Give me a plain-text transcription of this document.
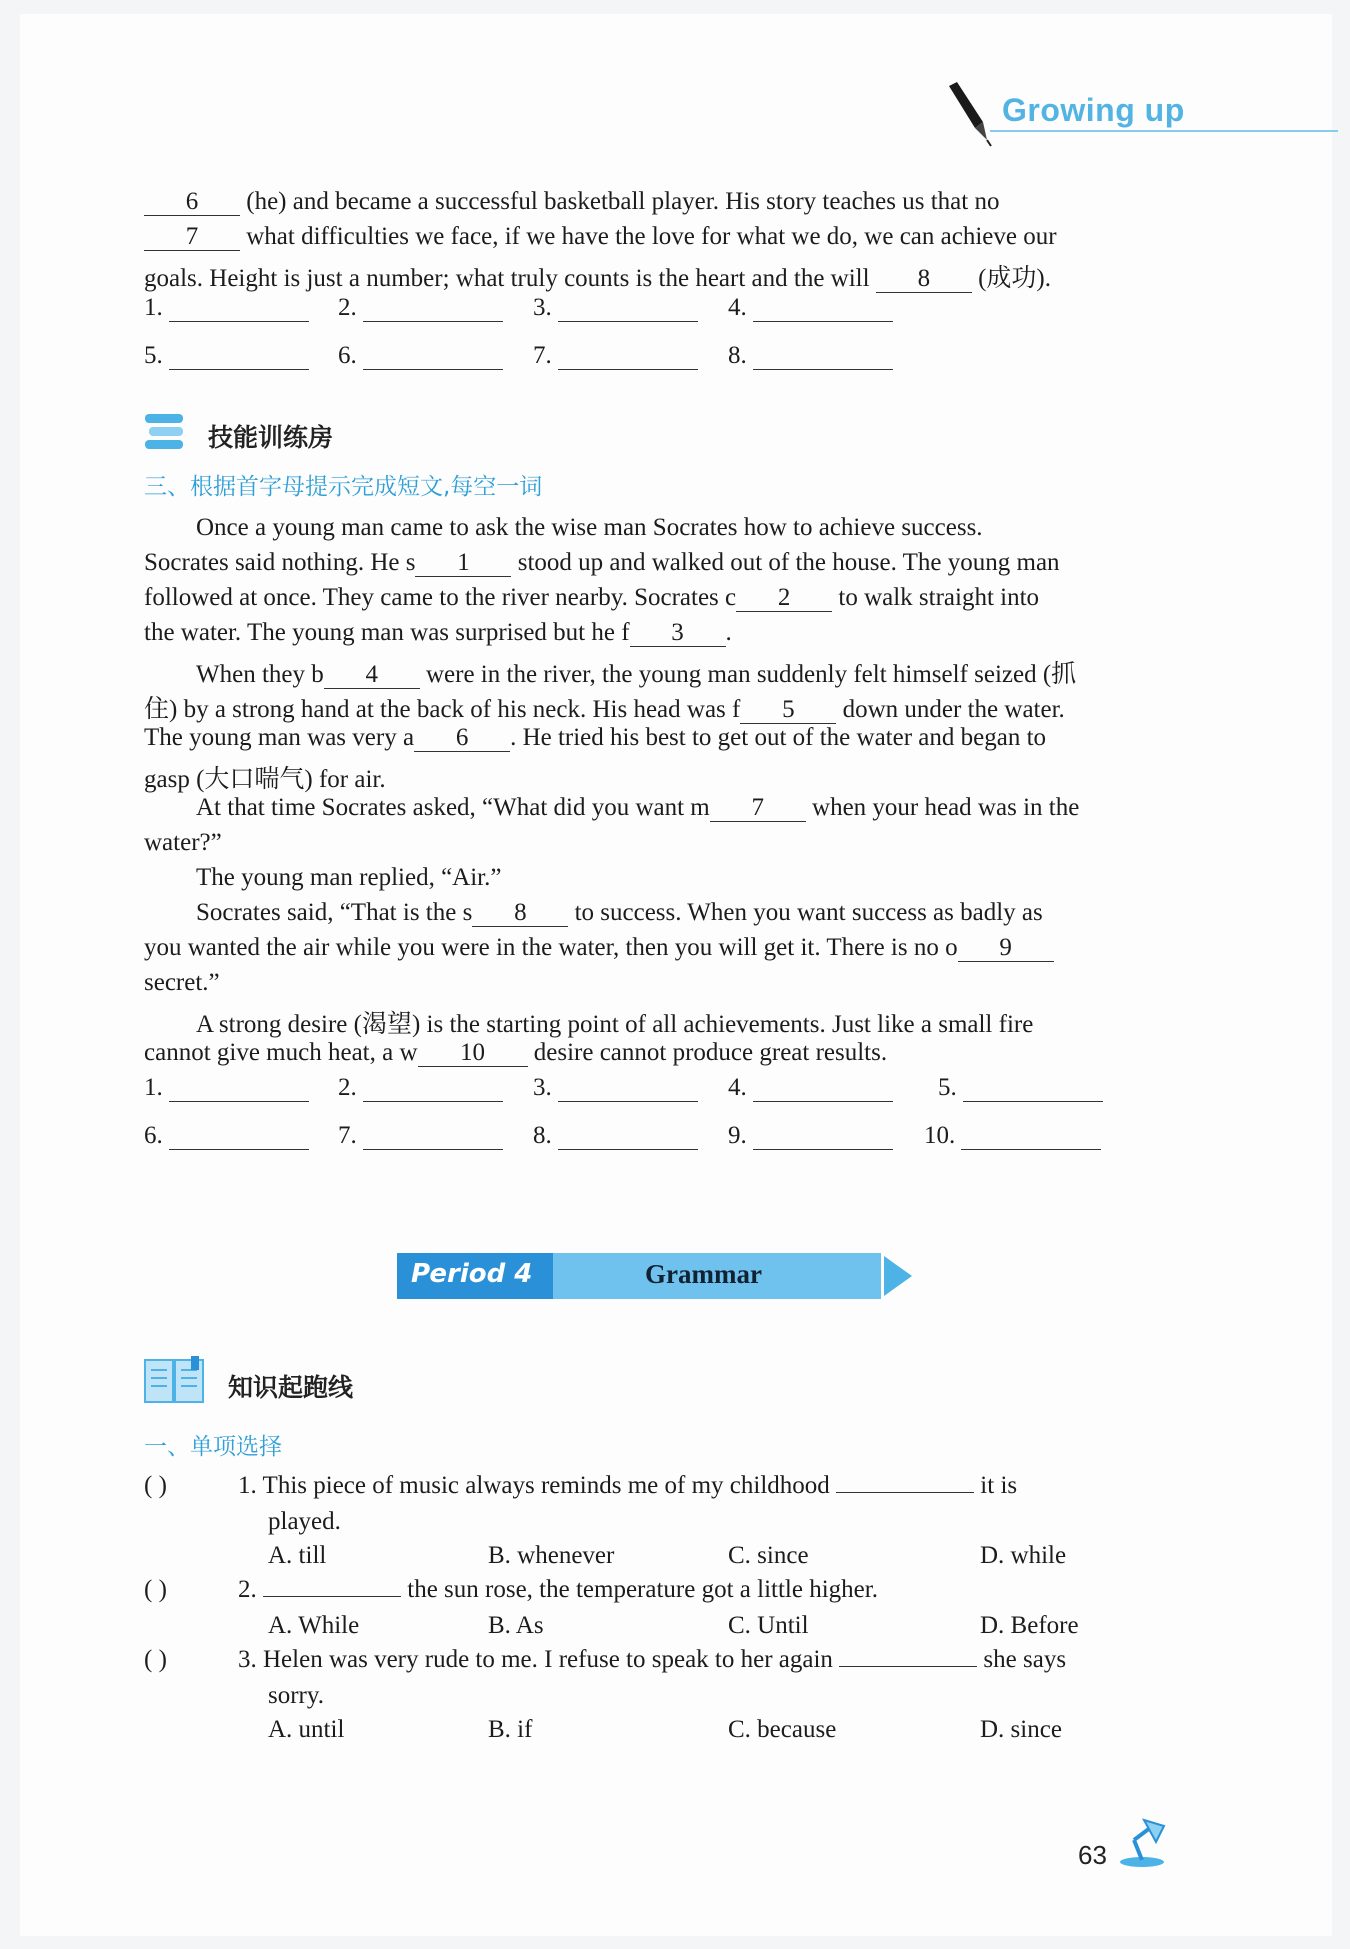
Growing up
6 (he) and became a successful basketball player. His story teaches us that no
7 what difficulties we face, if we have the love for what we do, we can achieve our
goals. Height is just a number; what truly counts is the heart and the will 8 (成功).
1.	2.	3.	4.
5.	6.	7.	8.
技能训练房
三、根据首字母提示完成短文,每空一词
Once a young man came to ask the wise man Socrates how to achieve success.
Socrates said nothing. He s 1 stood up and walked out of the house. The young man
followed at once. They came to the river nearby. Socrates c 2 to walk straight into
the water. The young man was surprised but he f 3 .
When they b 4 were in the river, the young man suddenly felt himself seized (抓
住) by a strong hand at the back of his neck. His head was f 5 down under the water.
The young man was very a 6 . He tried his best to get out of the water and began to
gasp (大口喘气) for air.
At that time Socrates asked, “What did you want m 7 when your head was in the
water?”
The young man replied, “Air.”
Socrates said, “That is the s 8 to success. When you want success as badly as
you wanted the air while you were in the water, then you will get it. There is no o 9
secret.”
A strong desire (渴望) is the starting point of all achievements. Just like a small fire
cannot give much heat, a w 10 desire cannot produce great results.
1.	2.	3.	4.	5.
6.	7.	8.	9.	10.
Period 4	Grammar
知识起跑线
一、单项选择
( )	1. This piece of music always reminds me of my childhood	it is
played.
A. till	B. whenever	C. since	D. while
( )	2.	the sun rose, the temperature got a little higher.
A. While	B. As	C. Until	D. Before
( )	3. Helen was very rude to me. I refuse to speak to her again	she says
sorry.
A. until	B. if	C. because	D. since
63
